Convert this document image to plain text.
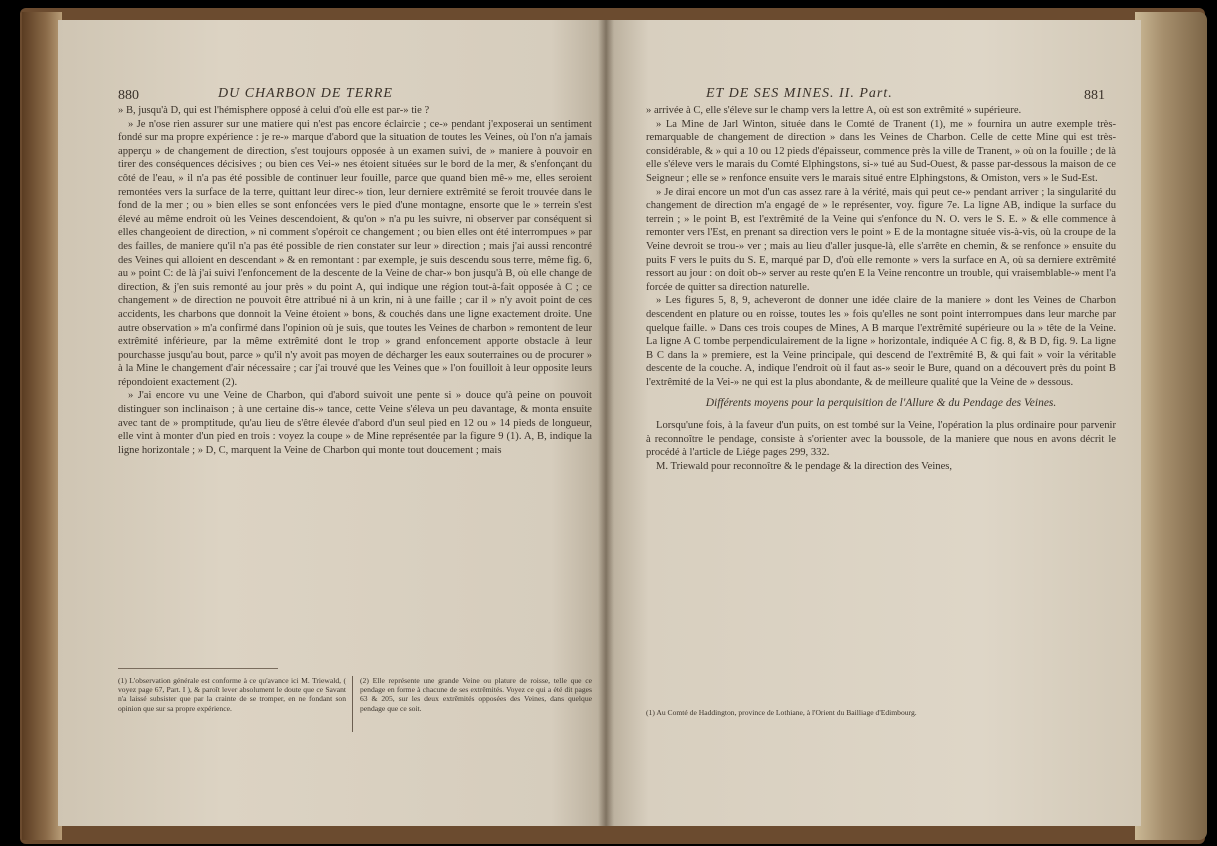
880	DU CHARBON DE TERRE

» B, jusqu'à D, qui est l'hémisphere opposé à celui d'où elle est par-» tie ?

» Je n'ose rien assurer sur une matiere qui n'est pas encore éclaircie ; ce-» pendant j'exposerai un sentiment fondé sur ma propre expérience : je re-» marque d'abord que la situation de toutes les Veines, où l'on n'a jamais apperçu » de changement de direction, s'est toujours opposée à un examen suivi, de » maniere à pouvoir en tirer des conséquences décisives ; ou bien ces Vei-» nes étoient situées sur le bord de la mer, & s'enfonçant du côté de l'eau, » il n'a pas été possible de continuer leur fouille, parce que quand bien mê-» me, elles seroient remontées vers la surface de la terre, quittant leur direc-» tion, leur derniere extrêmité se feroit trouvée dans le fond de la mer ; ou » bien elles se sont enfoncées vers le pied d'une montagne, ensorte que le » terrein s'est élevé au même endroit où les Veines descendoient, & qu'on » n'a pu les suivre, ni observer par conséquent si elles changeoient de direction, » ni comment s'opéroit ce changement ; ou bien elles ont été interrompues » par des failles, de maniere qu'il n'a pas été possible de rien constater sur leur » direction ; mais j'ai aussi rencontré des Veines qui alloient en descendant » & en remontant : par exemple, je suis descendu sous terre, même fig. 6, au » point C: de là j'ai suivi l'enfoncement de la descente de la Veine de char-» bon jusqu'à B, où elle change de direction, & j'en suis remonté au jour près » du point A, qui indique une région tout-à-fait opposée à C ; ce changement » de direction ne pouvoit être attribué ni à un krin, ni à une faille ; car il » n'y avoit point de ces accidents, les charbons que donnoit la Veine étoient » bons, & couchés dans une ligne exactement droite. Une autre observation » m'a confirmé dans l'opinion où je suis, que toutes les Veines de charbon » remontent de leur extrêmité inférieure, par la même extrêmité dont le trop » grand enfoncement apporte obstacle à leur pourchasse jusqu'au bout, parce » qu'il n'y avoit pas moyen de décharger les eaux souterraines ou de procurer » à la Mine le changement d'air nécessaire ; car j'ai trouvé que les Veines que » l'on fouilloit à leur opposite leurs répondoient exactement (2).

» J'ai encore vu une Veine de Charbon, qui d'abord suivoit une pente si » douce qu'à peine on pouvoit distinguer son inclinaison ; à une certaine dis-» tance, cette Veine s'éleva un peu davantage, & monta ensuite avec tant de » promptitude, qu'au lieu de s'être élevée d'abord d'un seul pied en 12 ou » 14 pieds de longueur, elle vint à monter d'un pied en trois : voyez la coupe » de Mine représentée par la figure 9 (1). A, B, indique la ligne horizontale ; » D, C, marquent la Veine de Charbon qui monte tout doucement ; mais

(1) L'observation générale est conforme à ce qu'avance ici M. Triewald, ( voyez page 67, Part. I ), & paroît lever absolument le doute que ce Savant n'a laissé subsister que par la crainte de se tromper, en ne fondant son opinion que sur sa propre expérience.
(2) Elle représente une grande Veine ou plature de roisse, telle que ce pendage en forme à chacune de ses extrêmités. Voyez ce qui a été dit pages 63 & 205, sur les deux extrêmités opposées des Veines, dans quelque pendage que ce soit.
ET DE SES MINES. II. Part.	881

» arrivée à C, elle s'éleve sur le champ vers la lettre A, où est son extrêmité » supérieure.

» La Mine de Jarl Winton, située dans le Comté de Tranent (1), me » fournira un autre exemple très-remarquable de changement de direction » dans les Veines de Charbon. Celle de cette Mine qui est très-considérable, & » qui a 10 ou 12 pieds d'épaisseur, commence près la ville de Tranent, » où on la fouille ; de là elle s'éleve vers le marais du Comté Elphingstons, si-» tué au Sud-Ouest, & passe par-dessous la maison de ce Seigneur ; elle se » renfonce ensuite vers le marais situé entre Elphingstons, & Omiston, vers » le Sud-Est.

» Je dirai encore un mot d'un cas assez rare à la vérité, mais qui peut ce-» pendant arriver ; la singularité du changement de direction m'a engagé de » le représenter, voy. figure 7e. La ligne AB, indique la surface du terrein ; » le point B, est l'extrêmité de la Veine qui s'enfonce du N. O. vers le S. E. » & elle commence à remonter vers l'Est, en prenant sa direction vers le point » E de la montagne située vis-à-vis, où la croupe de la Veine devroit se trou-» ver ; mais au lieu d'aller jusque-là, elle s'arrête en chemin, & se renfonce » ensuite du puits F vers le puits du S. E, marqué par D, d'où elle remonte » vers la surface en A, où sa derniere extrêmité ressort au jour : on doit ob-» server au reste qu'en E la Veine rencontre un trouble, qui vraisemblable-» ment l'a forcée de quitter sa direction naturelle.

» Les figures 5, 8, 9, acheveront de donner une idée claire de la maniere » dont les Veines de Charbon descendent en plature ou en roisse, toutes les » fois qu'elles ne sont point interrompues dans leur marche par quelque faille. » Dans ces trois coupes de Mines, A B marque l'extrêmité supérieure ou la » tête de la Veine. La ligne A C tombe perpendiculairement de la ligne » horizontale, indiquée A C fig. 8, & B D, fig. 9. La ligne B C dans la » premiere, est la Veine principale, qui descend de l'extrêmité B, & qui fait » voir la véritable descente de la couche. A, indique l'endroit où il faut as-» seoir le Bure, quand on a découvert près du point B l'extrêmité de la Vei-» ne qui est la plus abondante, & de meilleure qualité que la Veine de » dessous.

Différents moyens pour la perquisition de l'Allure & du Pendage des Veines.

Lorsqu'une fois, à la faveur d'un puits, on est tombé sur la Veine, l'opération la plus ordinaire pour parvenir à reconnoître le pendage, consiste à s'orienter avec la boussole, de la maniere que nous en avons décrit le procédé à l'article de Liége pages 299, 332.

M. Triewald pour reconnoître & le pendage & la direction des Veines,

(1) Au Comté de Haddington, province de Lothiane, à l'Orient du Bailliage d'Edimbourg.
